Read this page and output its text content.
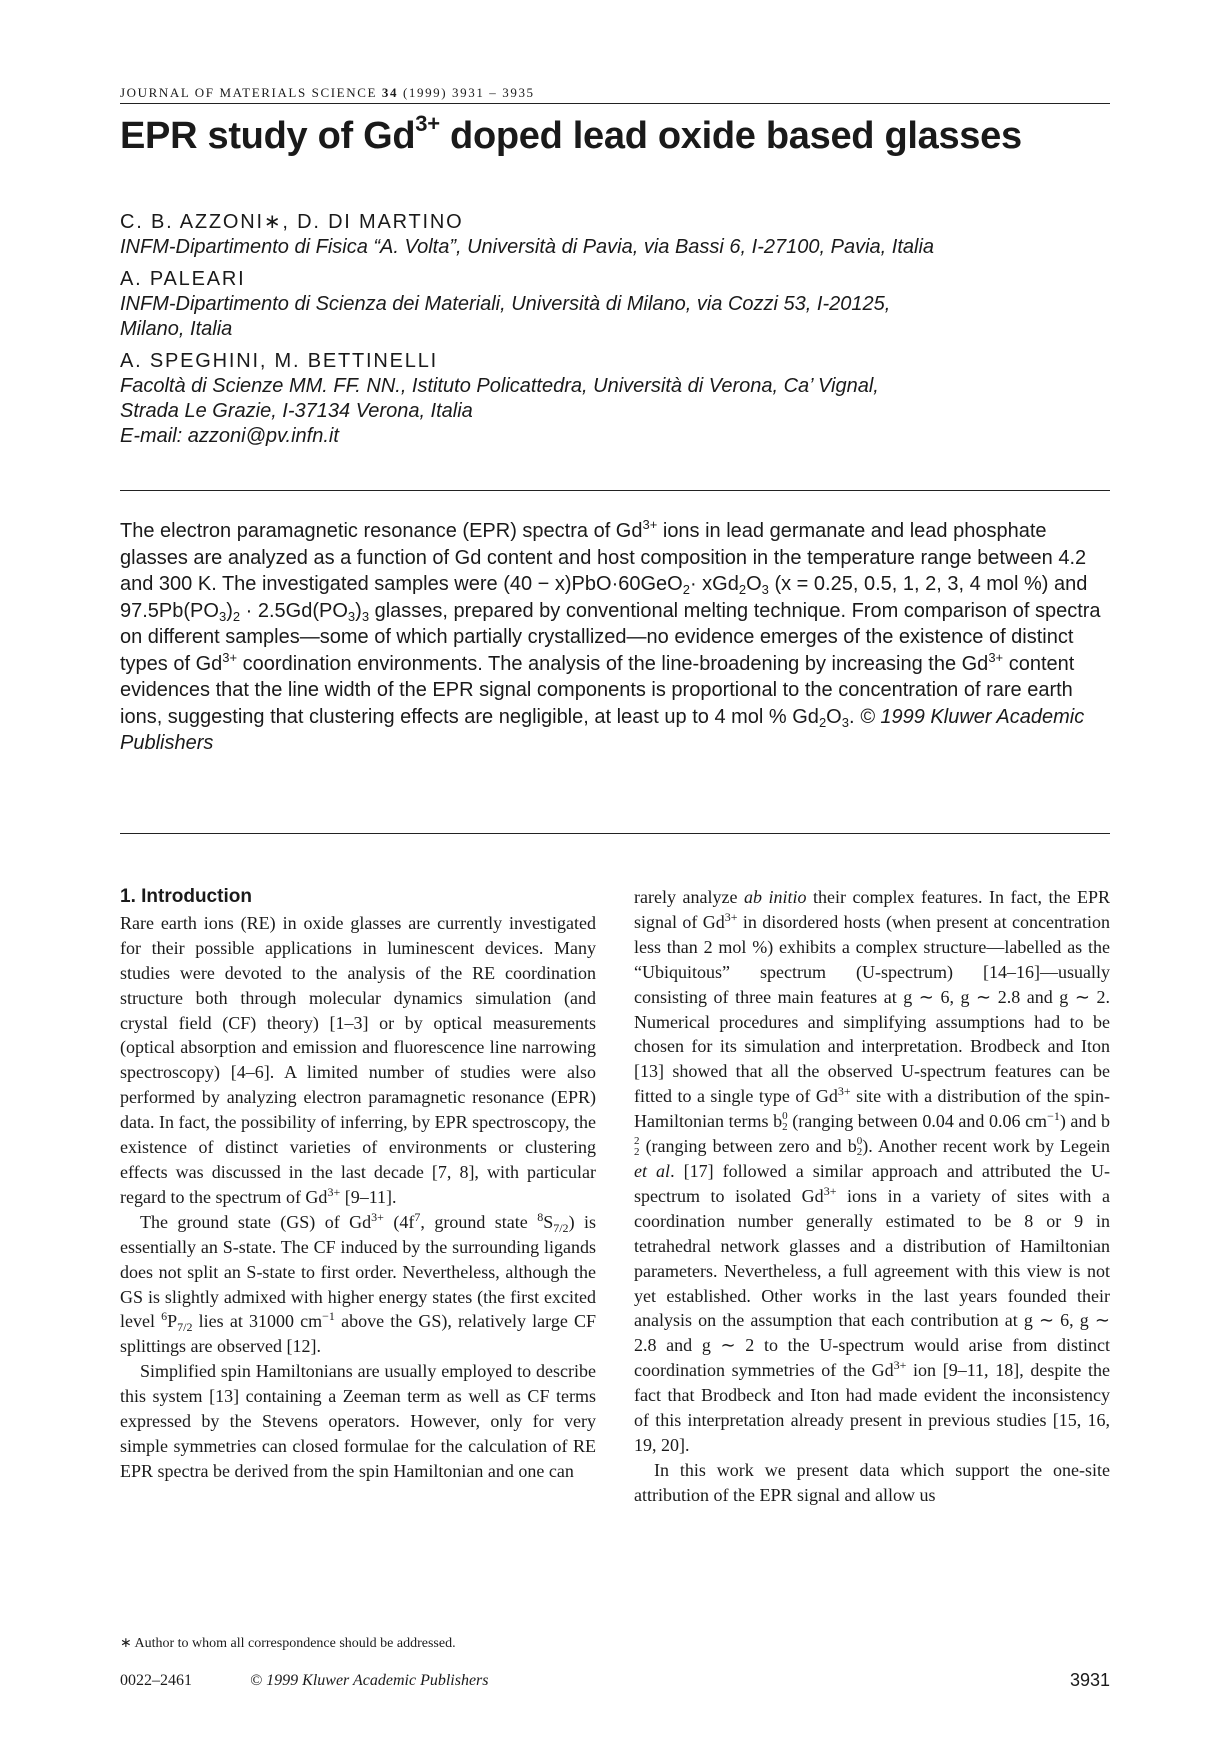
JOURNAL OF MATERIALS SCIENCE 34 (1999) 3931 – 3935
EPR study of $Gd^{3+}$ doped lead oxide based glasses
C. B. AZZONI∗, D. DI MARTINO
INFM-Dipartimento di Fisica “A. Volta”, Università di Pavia, via Bassi 6, I-27100, Pavia, Italia
A. PALEARI
INFM-Dipartimento di Scienza dei Materiali, Università di Milano, via Cozzi 53, I-20125,
Milano, Italia
A. SPEGHINI, M. BETTINELLI
Facoltà di Scienze MM. FF. NN., Istituto Policattedra, Università di Verona, Ca’ Vignal,
Strada Le Grazie, I-37134 Verona, Italia
E-mail: azzoni@pv.infn.it

The electron paramagnetic resonance (EPR) spectra of $Gd^{3+}$ ions in lead germanate and lead phosphate glasses are analyzed as a function of Gd content and host composition in the temperature range between 4.2 and 300 K. The investigated samples were $(40 - x)PbO\cdot 60GeO_2\cdot xGd_2O_3$ (x = 0.25, 0.5, 1, 2, 3, 4 mol %) and $97.5Pb(PO_3)_2 \cdot 2.5Gd(PO_3)_3$ glasses, prepared by conventional melting technique. From comparison of spectra on different samples—some of which partially crystallized—no evidence emerges of the existence of distinct types of $Gd^{3+}$ coordination environments. The analysis of the line-broadening by increasing the $Gd^{3+}$ content evidences that the line width of the EPR signal components is proportional to the concentration of rare earth ions, suggesting that clustering effects are negligible, at least up to 4 mol % $Gd_2O_3$. © 1999 Kluwer Academic Publishers

1. Introduction

Rare earth ions (RE) in oxide glasses are currently investigated for their possible applications in luminescent devices. Many studies were devoted to the analysis of the RE coordination structure both through molecular dynamics simulation (and crystal field (CF) theory) [1–3] or by optical measurements (optical absorption and emission and fluorescence line narrowing spectroscopy) [4–6]. A limited number of studies were also performed by analyzing electron paramagnetic resonance (EPR) data. In fact, the possibility of inferring, by EPR spectroscopy, the existence of distinct varieties of environments or clustering effects was discussed in the last decade [7, 8], with particular regard to the spectrum of $Gd^{3+}$ [9–11].

The ground state (GS) of $Gd^{3+}$ ($4f^7$, ground state $^8S_{7/2}$) is essentially an S-state. The CF induced by the surrounding ligands does not split an S-state to first order. Nevertheless, although the GS is slightly admixed with higher energy states (the first excited level $^6P_{7/2}$ lies at 31000 $cm^{-1}$ above the GS), relatively large CF splittings are observed [12].

Simplified spin Hamiltonians are usually employed to describe this system [13] containing a Zeeman term as well as CF terms expressed by the Stevens operators. However, only for very simple symmetries can closed formulae for the calculation of RE EPR spectra be derived from the spin Hamiltonian and one can

rarely analyze ab initio their complex features. In fact, the EPR signal of $Gd^{3+}$ in disordered hosts (when present at concentration less than 2 mol %) exhibits a complex structure—labelled as the “Ubiquitous” spectrum (U-spectrum) [14–16]—usually consisting of three main features at g ∼ 6, g ∼ 2.8 and g ∼ 2. Numerical procedures and simplifying assumptions had to be chosen for its simulation and interpretation. Brodbeck and Iton [13] showed that all the observed U-spectrum features can be fitted to a single type of $Gd^{3+}$ site with a distribution of the spin-Hamiltonian terms b 0
2 (ranging between 0.04 and 0.06 $cm^{-1}$) and b
2
2 (ranging between zero and b 0
2 ). Another recent work by Legein et al. [17] followed a similar approach and attributed the U-spectrum to isolated $Gd^{3+}$ ions in a variety of sites with a coordination number generally estimated to be 8 or 9 in tetrahedral network glasses and a distribution of Hamiltonian parameters. Nevertheless, a full agreement with this view is not yet established. Other works in the last years founded their analysis on the assumption that each contribution at g ∼ 6, g ∼ 2.8 and g ∼ 2 to the U-spectrum would arise from distinct coordination symmetries of the $Gd^{3+}$ ion [9–11, 18], despite the fact that Brodbeck and Iton had made evident the inconsistency of this interpretation already present in previous studies [15, 16, 19, 20].

In this work we present data which support the one-site attribution of the EPR signal and allow us

∗ Author to whom all correspondence should be addressed.
0022–2461	© 1999 Kluwer Academic Publishers	3931
